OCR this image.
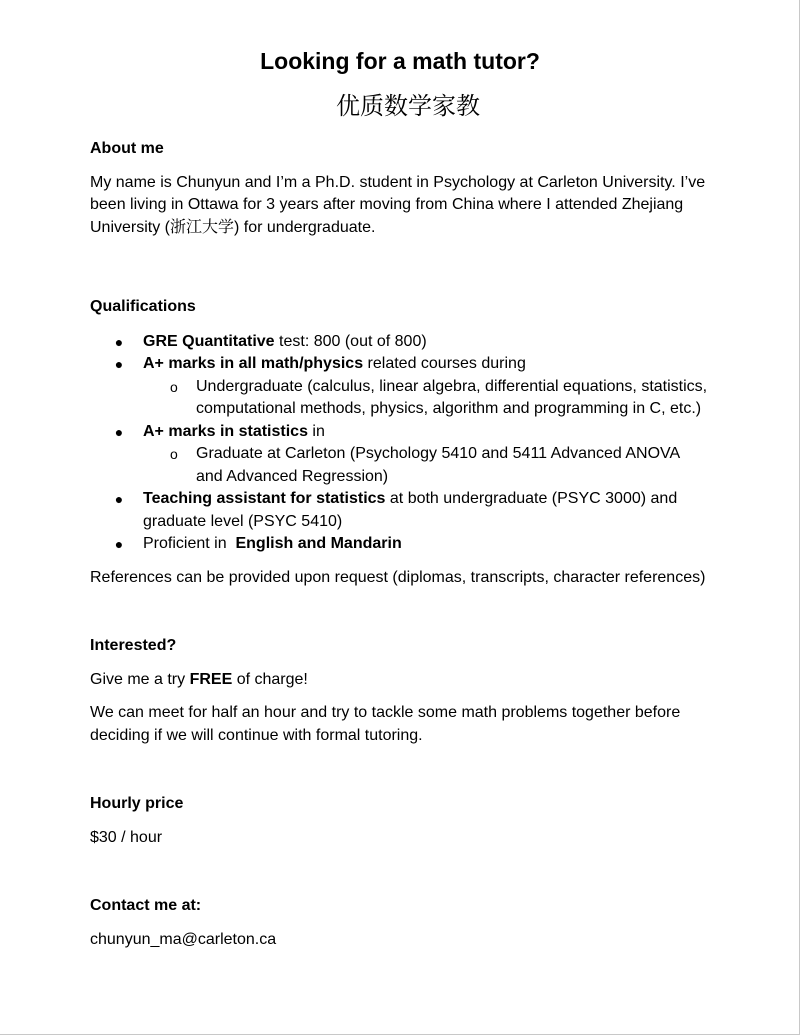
Looking for a math tutor?
优质数学家教

About me

My name is Chunyun and I’m a Ph.D. student in Psychology at Carleton University. I’ve been living in Ottawa for 3 years after moving from China where I attended Zhejiang University (浙江大学) for undergraduate.

Qualifications

● GRE Quantitative test: 800 (out of 800)
● A+ marks in all math/physics related courses during
o Undergraduate (calculus, linear algebra, differential equations, statistics, computational methods, physics, algorithm and programming in C, etc.)
● A+ marks in statistics in
o Graduate at Carleton (Psychology 5410 and 5411 Advanced ANOVA and Advanced Regression)
● Teaching assistant for statistics at both undergraduate (PSYC 3000) and graduate level (PSYC 5410)
● Proficient in  English and Mandarin

References can be provided upon request (diplomas, transcripts, character references)

Interested?

Give me a try FREE of charge!

We can meet for half an hour and try to tackle some math problems together before deciding if we will continue with formal tutoring.

Hourly price

$30 / hour

Contact me at:

chunyun_ma@carleton.ca
